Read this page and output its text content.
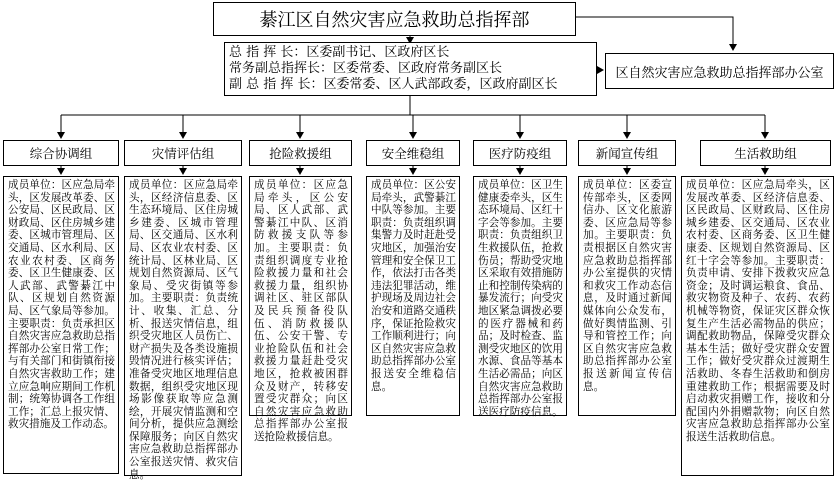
綦江区自然灾害应急救助总指挥部
总 指 挥 长：区委副书记、区政府区长
常务副总指挥长：区委常委、区政府常务副区长
副 总 指 挥 长：区委常委、区人武部政委，区政府副区长
区自然灾害应急救助总指挥部办公室
综合协调组	灾情评估组	抢险救援组	安全维稳组	医疗防疫组	新闻宣传组	生活救助组
成员单位：区应急局牵头，区发展改革委、区公安局、区民政局、区财政局、区住房城乡建委、区城市管理局、区交通局、区水利局、区农业农村委、区商务委、区卫生健康委、区人武部、武警綦江中队、区规划自然资源局、区气象局等参加。主要职责：负责承担区自然灾害应急救助总指挥部办公室日常工作；与有关部门和街镇衔接自然灾害救助工作；建立应急响应期间工作机制；统筹协调各工作组工作；汇总上报灾情、救灾措施及工作动态。
成员单位：区应急局牵头，区经济信息委、区生态环境局、区住房城乡建委、区城市管理局、区交通局、区水利局、区农业农村委、区统计局、区林业局、区规划自然资源局、区气象局、受灾街镇等参加。主要职责：负责统计、收集、汇总、分析、报送灾情信息，组织受灾地区人员伤亡、财产损失及各类设施损毁情况进行核实评估；准备受灾地区地理信息数据，组织受灾地区现场影像获取等应急测绘，开展灾情监测和空间分析，提供应急测绘保障服务；向区自然灾害应急救助总指挥部办公室报送灾情、救灾信息。
成员单位：区应急局牵头，区公安局、区人武部、武警綦江中队、区消防救援支队等参加。主要职责：负责组织调度专业抢险救援力量和社会救援力量，组织协调社区、驻区部队及民兵预备役队伍、消防救援队伍、公安干警、专业抢险队伍和社会救援力量赶赴受灾地区，抢救被困群众及财产，转移安置受灾群众；向区自然灾害应急救助总指挥部办公室报送抢险救援信息。
成员单位：区公安局牵头，武警綦江中队等参加。主要职责：负责组织调集警力及时赶赴受灾地区，加强治安管理和安全保卫工作，依法打击各类违法犯罪活动，维护现场及周边社会治安和道路交通秩序，保证抢险救灾工作顺利进行；向区自然灾害应急救助总指挥部办公室报送安全维稳信息。
成员单位：区卫生健康委牵头，区生态环境局、区红十字会等参加。主要职责：负责组织卫生救援队伍，抢救伤员；帮助受灾地区采取有效措施防止和控制传染病的暴发流行；向受灾地区紧急调拨必要的医疗器械和药品；及时检查、监测受灾地区的饮用水源、食品等基本生活必需品；向区自然灾害应急救助总指挥部办公室报送医疗防疫信息。
成员单位：区委宣传部牵头，区委网信办、区文化旅游委、区应急局等参加。主要职责：负责根据区自然灾害应急救助总指挥部办公室提供的灾情和救灾工作动态信息，及时通过新闻媒体向公众发布，做好舆情监测、引导和管控工作；向区自然灾害应急救助总指挥部办公室报送新闻宣传信息。
成员单位：区应急局牵头，区发展改革委、区经济信息委、区民政局、区财政局、区住房城乡建委、区交通局、区农业农村委、区商务委、区卫生健康委、区规划自然资源局、区红十字会等参加。主要职责：负责申请、安排下拨救灾应急资金；及时调运粮食、食品、救灾物资及种子、农药、农药机械等物资，保证灾区群众恢复生产生活必需物品的供应；调配救助物品，保障受灾群众基本生活；做好受灾群众安置工作；做好受灾群众过渡期生活救助、冬春生活救助和倒房重建救助工作；根据需要及时启动救灾捐赠工作，接收和分配国内外捐赠款物；向区自然灾害应急救助总指挥部办公室报送生活救助信息。
